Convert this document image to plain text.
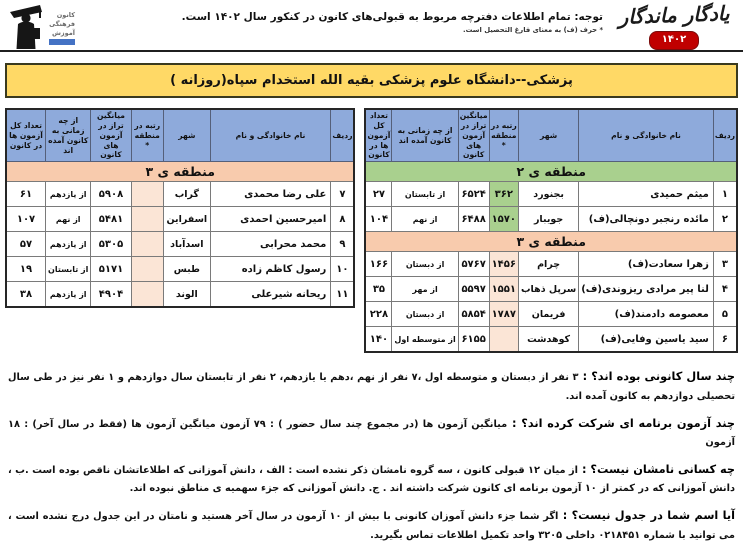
کانون
فرهنگی
آموزش
توجه: تمام اطلاعات دفترچه مربوط به قبولی‌های کانون در کنکور سال ۱۴۰۲ است.
* حرف (ف) به معنای فارغ التحصیل است.
یادگار ماندگار
۱۴۰۲
پزشکی--دانشگاه علوم پزشکی بقیه الله استخدام سپاه(روزانه )
ردیف	نام خانوادگی و نام	شهر	رتبه در منطقه *	میانگین تراز در آزمون های کانون	از چه زمانی به کانون آمده اند	تعداد کل آزمون ها در کانون
منطقه ی ۲						
۱	میثم حمیدی	بجنورد	۳۶۲	۶۵۲۴	از تابستان	۲۷
۲	مائده رنجبر دونچالی(ف)	جویبار	۱۵۷۰	۶۴۸۸	از نهم	۱۰۴
منطقه ی ۳						
۳	زهرا سعادت(ف)	چرام	۱۴۵۶	۵۷۶۷	از دبستان	۱۶۶
۴	لنا پیر مرادی ریزوندی(ف)	سرپل ذهاب	۱۵۵۱	۵۵۹۷	از مهر	۳۵
۵	معصومه دادمند(ف)	فریمان	۱۷۸۷	۵۸۵۴	از دبستان	۲۲۸
۶	سید یاسین وفایی(ف)	کوهدشت		۶۱۵۵	از متوسطه اول	۱۴۰
ردیف	نام خانوادگی و نام	شهر	رتبه در منطقه *	میانگین تراز در آزمون های کانون	از چه زمانی به کانون آمده اند	تعداد کل آزمون ها در کانون
منطقه ی ۳						
۷	علی رضا محمدی	گراب		۵۹۰۸	از یازدهم	۶۱
۸	امیرحسین احمدی	اسفراین		۵۴۸۱	از نهم	۱۰۷
۹	محمد محرابی	اسدآباد		۵۳۰۵	از یازدهم	۵۷
۱۰	رسول کاظم زاده	طبس		۵۱۷۱	از تابستان	۱۹
۱۱	ریحانه شیرعلی	الوند		۴۹۰۴	از یازدهم	۳۸

چند سال کانونی بوده اند؟ : ۳ نفر از دبستان و متوسطه اول ،۷ نفر از نهم ،دهم یا یازدهم، ۲ نفر از تابستان سال دوازدهم و ۱ نفر نیز در طی سال تحصیلی دوازدهم به کانون آمده اند.

چند آزمون برنامه ای شرکت کرده اند؟ : میانگین آزمون ها (در مجموع چند سال حضور ) : ۷۹ آزمون میانگین آزمون ها (فقط در سال آخر) : ۱۸ آزمون

چه کسانی نامشان نیست؟ : از میان ۱۲ قبولی کانون ، سه گروه نامشان ذکر نشده است : الف ، دانش آموزانی که اطلاعاتشان ناقص بوده است .ب ، دانش آموزانی که در کمتر از ۱۰ آزمون برنامه ای کانون شرکت داشته اند . ج. دانش آموزانی که جزء سهمیه ی مناطق نبوده اند.

آیا اسم شما در جدول نیست؟ : اگر شما جزء دانش آموزان کانونی با بیش از ۱۰ آزمون در سال آخر هستید و نامتان در این جدول درج نشده است ، می توانید با شماره ۰۲۱۸۴۵۱ داخلی ۳۲۰۵ واحد تکمیل اطلاعات تماس بگیرید.
